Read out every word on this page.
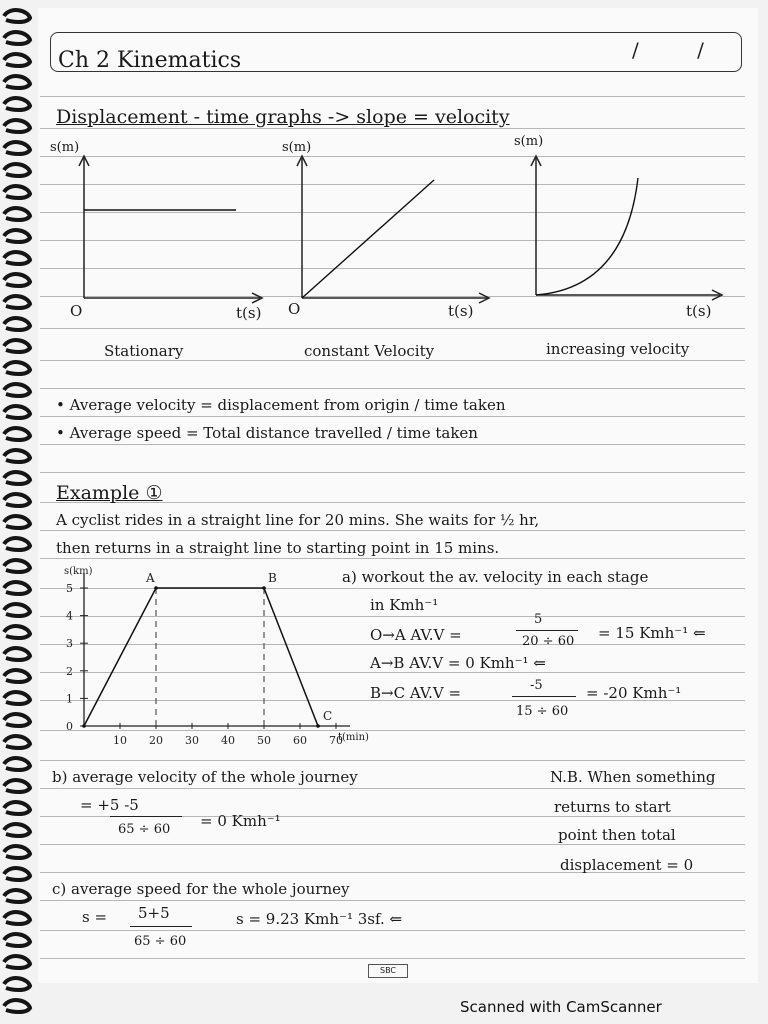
Ch 2 Kinematics	/ /
Displacement - time graphs -> slope = velocity
s(m)
t(s)
O
Stationary
s(m)
t(s)
O
constant Velocity
s(m)
t(s)
increasing velocity
• Average velocity = displacement from origin / time taken
• Average speed = Total distance travelled / time taken
Example ①
A cyclist rides in a straight line for 20 mins. She waits for ½ hr,
then returns in a straight line to starting point in 15 mins.
0
1
2
3
4
5
10 20 30 40 50 60 70
A	B
C
s(km)
t(min)
a) workout the av. velocity in each stage
in Kmh⁻¹
O→A AV.V =
5
20 ÷ 60 = 15 Kmh⁻¹ ⇐
A→B AV.V = 0 Kmh⁻¹ ⇐
B→C AV.V =	-5
15 ÷ 60
= -20 Kmh⁻¹
b) average velocity of the whole journey
= +5 -5
65 ÷ 60 = 0 Kmh⁻¹
N.B. When something
returns to start
point then total
displacement = 0
c) average speed for the whole journey
s = 5+5
65 ÷ 60
s = 9.23 Kmh⁻¹ 3sf. ⇐
SBC
Scanned with CamScanner
